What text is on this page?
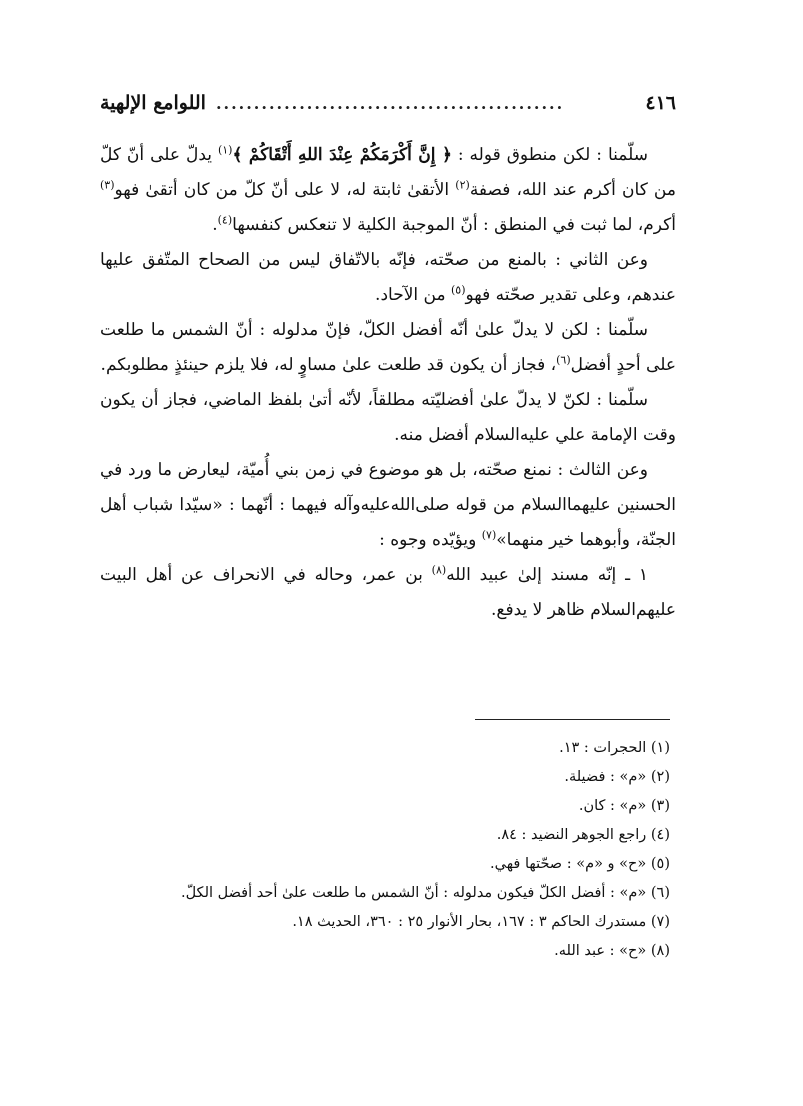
٤١٦
..............................................
اللوامع الإلهية

سلّمنا : لكن منطوق قوله : ﴿ إِنَّ أَكْرَمَكُمْ عِنْدَ اللهِ أَتْقَاكُمْ ﴾$^{(١)}$ يدلّ على أنّ كلّ من كان أكرم عند الله، فصفة$^{(٢)}$ الأتقىٰ ثابتة له، لا على أنّ كلّ من كان أتقىٰ فهو$^{(٣)}$ أكرم، لما ثبت في المنطق : أنّ الموجبة الكلية لا تنعكس كنفسها$^{(٤)}$.

وعن الثاني : بالمنع من صحّته، فإنّه بالاتّفاق ليس من الصحاح المتّفق عليها عندهم، وعلى تقدير صحّته فهو$^{(٥)}$ من الآحاد.

سلّمنا : لكن لا يدلّ علىٰ أنّه أفضل الكلّ، فإنّ مدلوله : أنّ الشمس ما طلعت على أحدٍ أفضل$^{(٦)}$، فجاز أن يكون قد طلعت علىٰ مساوٍ له، فلا يلزم حينئذٍ مطلوبكم.

سلّمنا : لكنّ لا يدلّ علىٰ أفضليّته مطلقاً، لأنّه أتىٰ بلفظ الماضي، فجاز أن يكون وقت الإمامة علي عليه‌السلام أفضل منه.

وعن الثالث : نمنع صحّته، بل هو موضوع في زمن بني أُميّة، ليعارض ما ورد في الحسنين عليهما‌السلام من قوله صلى‌الله‌عليه‌وآله فيهما : أنّهما : «سيّدا شباب أهل الجنّة، وأبوهما خير منهما»$^{(٧)}$ ويؤيّده وجوه :

١ ـ إنّه مسند إلىٰ عبيد الله$^{(٨)}$ بن عمر، وحاله في الانحراف عن أهل البيت عليهم‌السلام ظاهر لا يدفع.

(١) الحجرات : ١٣.
(٢) «م» : فضيلة.
(٣) «م» : كان.
(٤) راجع الجوهر النضيد : ٨٤.
(٥) «ح» و «م» : صحّتها فهي.
(٦) «م» : أفضل الكلّ فيكون مدلوله : أنّ الشمس ما طلعت علىٰ أحد أفضل الكلّ.
(٧) مستدرك الحاكم ٣ : ١٦٧، بحار الأنوار ٢٥ : ٣٦٠، الحديث ١٨.
(٨) «ح» : عبد الله.
